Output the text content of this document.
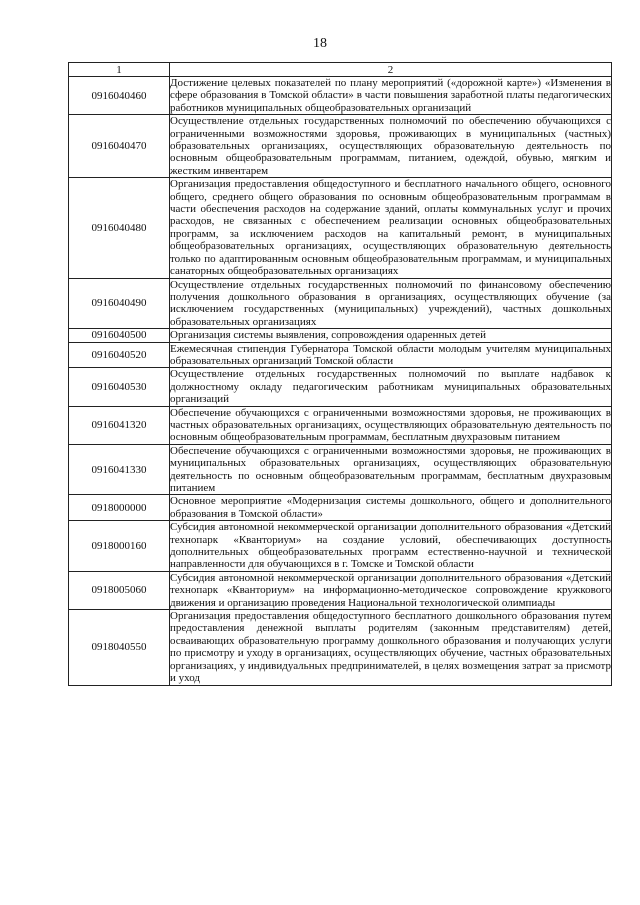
18
1	2
0916040460	Достижение целевых показателей по плану мероприятий («дорожной карте») «Изменения в сфере образования в Томской области» в части повышения заработной платы педагогических работников муниципальных общеобразовательных организаций
0916040470	Осуществление отдельных государственных полномочий по обеспечению обучающихся с ограниченными возможностями здоровья, проживающих в муниципальных (частных) образовательных организациях, осуществляющих образовательную деятельность по основным общеобразовательным программам, питанием, одеждой, обувью, мягким и жестким инвентарем
0916040480	Организация предоставления общедоступного и бесплатного начального общего, основного общего, среднего общего образования по основным общеобразовательным программам в части обеспечения расходов на содержание зданий, оплаты коммунальных услуг и прочих расходов, не связанных с обеспечением реализации основных общеобразовательных программ, за исключением расходов на капитальный ремонт, в муниципальных общеобразовательных организациях, осуществляющих образовательную деятельность только по адаптированным основным общеобразовательным программам, и муниципальных санаторных общеобразовательных организациях
0916040490	Осуществление отдельных государственных полномочий по финансовому обеспечению получения дошкольного образования в организациях, осуществляющих обучение (за исключением государственных (муниципальных) учреждений), частных дошкольных образовательных организациях
0916040500	Организация системы выявления, сопровождения одаренных детей
0916040520	Ежемесячная стипендия Губернатора Томской области молодым учителям муниципальных образовательных организаций Томской области
0916040530	Осуществление отдельных государственных полномочий по выплате надбавок к должностному окладу педагогическим работникам муниципальных образовательных организаций
0916041320	Обеспечение обучающихся с ограниченными возможностями здоровья, не проживающих в частных образовательных организациях, осуществляющих образовательную деятельность по основным общеобразовательным программам, бесплатным двухразовым питанием
0916041330	Обеспечение обучающихся с ограниченными возможностями здоровья, не проживающих в муниципальных образовательных организациях, осуществляющих образовательную деятельность по основным общеобразовательным программам, бесплатным двухразовым питанием
0918000000	Основное мероприятие «Модернизация системы дошкольного, общего и дополнительного образования в Томской области»
0918000160	Субсидия автономной некоммерческой организации дополнительного образования «Детский технопарк «Кванториум» на создание условий, обеспечивающих доступность дополнительных общеобразовательных программ естественно-научной и технической направленности для обучающихся в г. Томске и Томской области
0918005060	Субсидия автономной некоммерческой организации дополнительного образования «Детский технопарк «Кванториум» на информационно-методическое сопровождение кружкового движения и организацию проведения Национальной технологической олимпиады
0918040550	Организация предоставления общедоступного бесплатного дошкольного образования путем предоставления денежной выплаты родителям (законным представителям) детей, осваивающих образовательную программу дошкольного образования и получающих услуги по присмотру и уходу в организациях, осуществляющих обучение, частных образовательных организациях, у индивидуальных предпринимателей, в целях возмещения затрат за присмотр и уход
